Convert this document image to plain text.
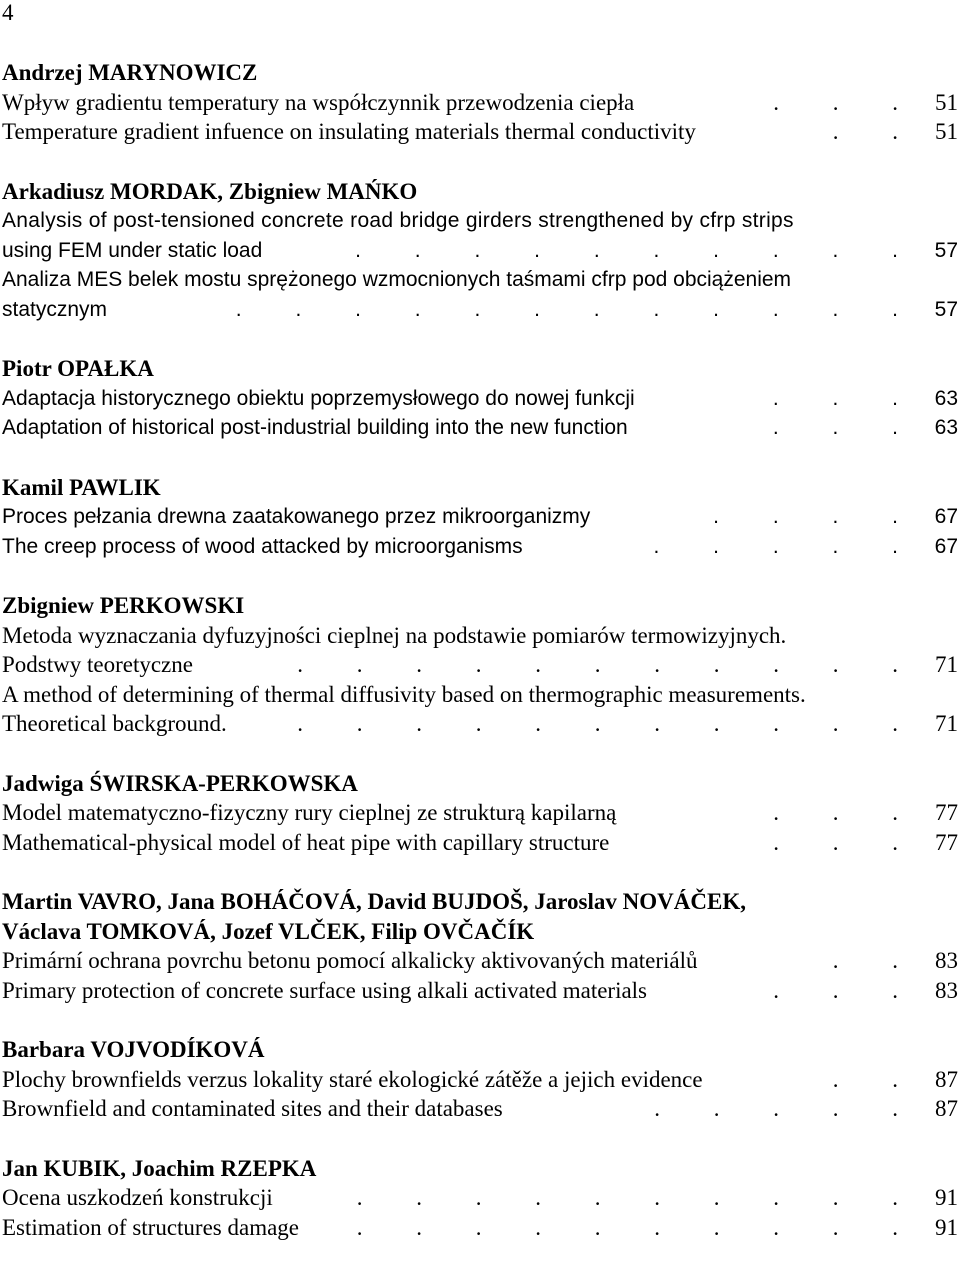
4
Andrzej MARYNOWICZ
Wpływ gradientu temperatury na współczynnik przewodzenia ciepła	. . . 51
Temperature gradient infuence on insulating materials thermal conductivity	. . 51
Arkadiusz MORDAK, Zbigniew MAŃKO
Analysis of post-tensioned concrete road bridge girders strengthened by cfrp strips
using FEM under static load	. . . . . . . . . . 57
Analiza MES belek mostu sprężonego wzmocnionych taśmami cfrp pod obciążeniem
statycznym	. . . . . . . . . . . . 57
Piotr OPAŁKA
Adaptacja historycznego obiektu poprzemysłowego do nowej funkcji	. . . 63
Adaptation of historical post-industrial building into the new function	. . . 63
Kamil PAWLIK
Proces pełzania drewna zaatakowanego przez mikroorganizmy	. . . . 67
The creep process of wood attacked by microorganisms	. . . . . 67
Zbigniew PERKOWSKI
Metoda wyznaczania dyfuzyjności cieplnej na podstawie pomiarów termowizyjnych.
Podstwy teoretyczne	. . . . . . . . . . . 71
A method of determining of thermal diffusivity based on thermographic measurements.
Theoretical background.	. . . . . . . . . . . 71
Jadwiga ŚWIRSKA-PERKOWSKA
Model matematyczno-fizyczny rury cieplnej ze strukturą kapilarną	. . . 77
Mathematical-physical model of heat pipe with capillary structure	. . . 77
Martin VAVRO, Jana BOHÁČOVÁ, David BUJDOŠ, Jaroslav NOVÁČEK,
Václava TOMKOVÁ, Jozef VLČEK, Filip OVČAČÍK
Primární ochrana povrchu betonu pomocí alkalicky aktivovaných materiálů	. . 83
Primary protection of concrete surface using alkali activated materials	. . . 83
Barbara VOJVODÍKOVÁ
Plochy brownfields verzus lokality staré ekologické zátěže a jejich evidence	. . 87
Brownfield and contaminated sites and their databases	. . . . . 87
Jan KUBIK, Joachim RZEPKA
Ocena uszkodzeń konstrukcji	. . . . . . . . . . 91
Estimation of structures damage	. . . . . . . . . . 91
